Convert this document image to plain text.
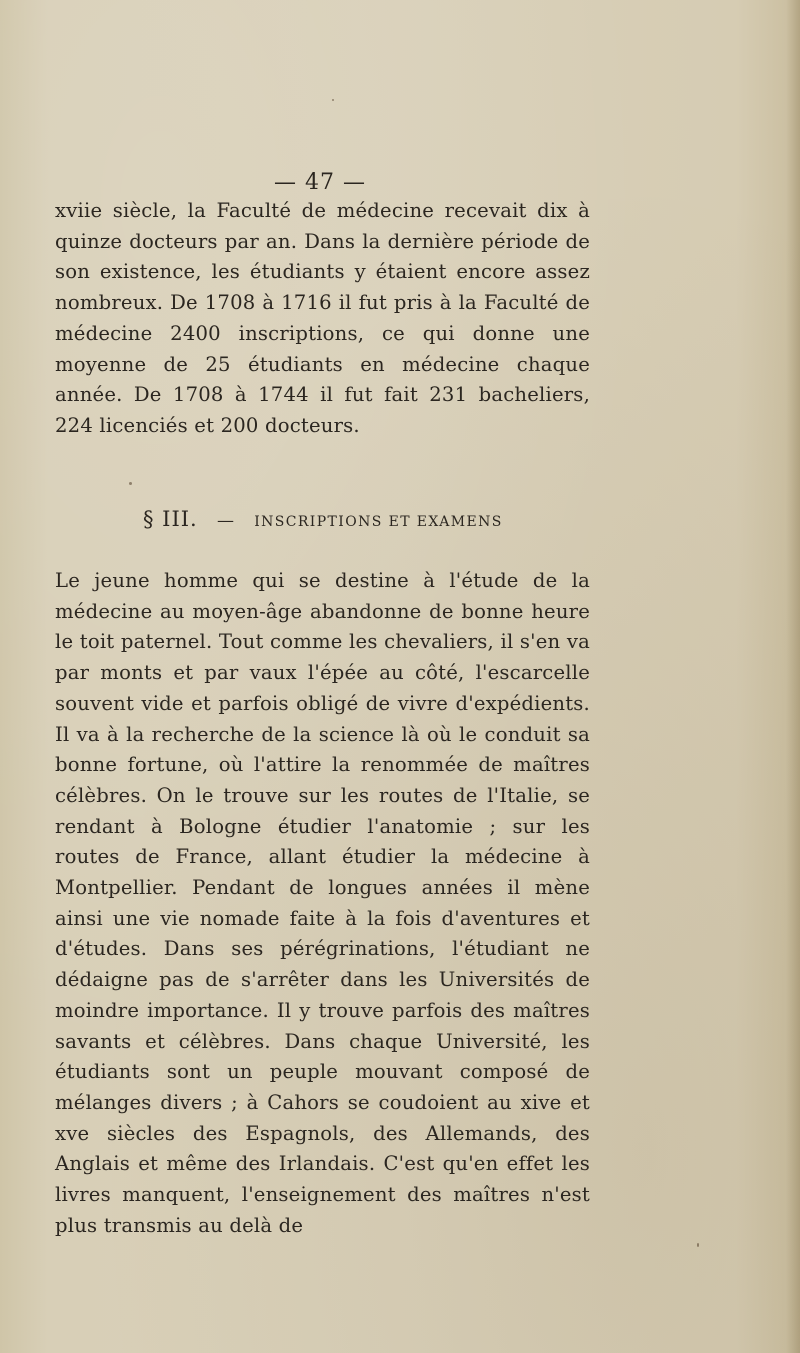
— 47 —

xviie siècle, la Faculté de médecine recevait dix à quinze docteurs par an. Dans la dernière période de son existence, les étudiants y étaient encore assez nombreux. De 1708 à 1716 il fut pris à la Faculté de médecine 2400 inscriptions, ce qui donne une moyenne de 25 étudiants en médecine chaque année. De 1708 à 1744 il fut fait 231 bacheliers, 224 licenciés et 200 docteurs.

§ III. — INSCRIPTIONS ET EXAMENS

Le jeune homme qui se destine à l'étude de la médecine au moyen-âge abandonne de bonne heure le toit paternel. Tout comme les chevaliers, il s'en va par monts et par vaux l'épée au côté, l'escarcelle souvent vide et parfois obligé de vivre d'expédients. Il va à la recherche de la science là où le conduit sa bonne fortune, où l'attire la renommée de maîtres célèbres. On le trouve sur les routes de l'Italie, se rendant à Bologne étudier l'anatomie ; sur les routes de France, allant étudier la médecine à Montpellier. Pendant de longues années il mène ainsi une vie nomade faite à la fois d'aventures et d'études. Dans ses pérégrinations, l'étudiant ne dédaigne pas de s'arrêter dans les Universités de moindre importance. Il y trouve parfois des maîtres savants et célèbres. Dans chaque Université, les étudiants sont un peuple mouvant composé de mélanges divers ; à Cahors se coudoient au xive et xve siècles des Espagnols, des Allemands, des Anglais et même des Irlandais. C'est qu'en effet les livres manquent, l'enseignement des maîtres n'est plus transmis au delà de
